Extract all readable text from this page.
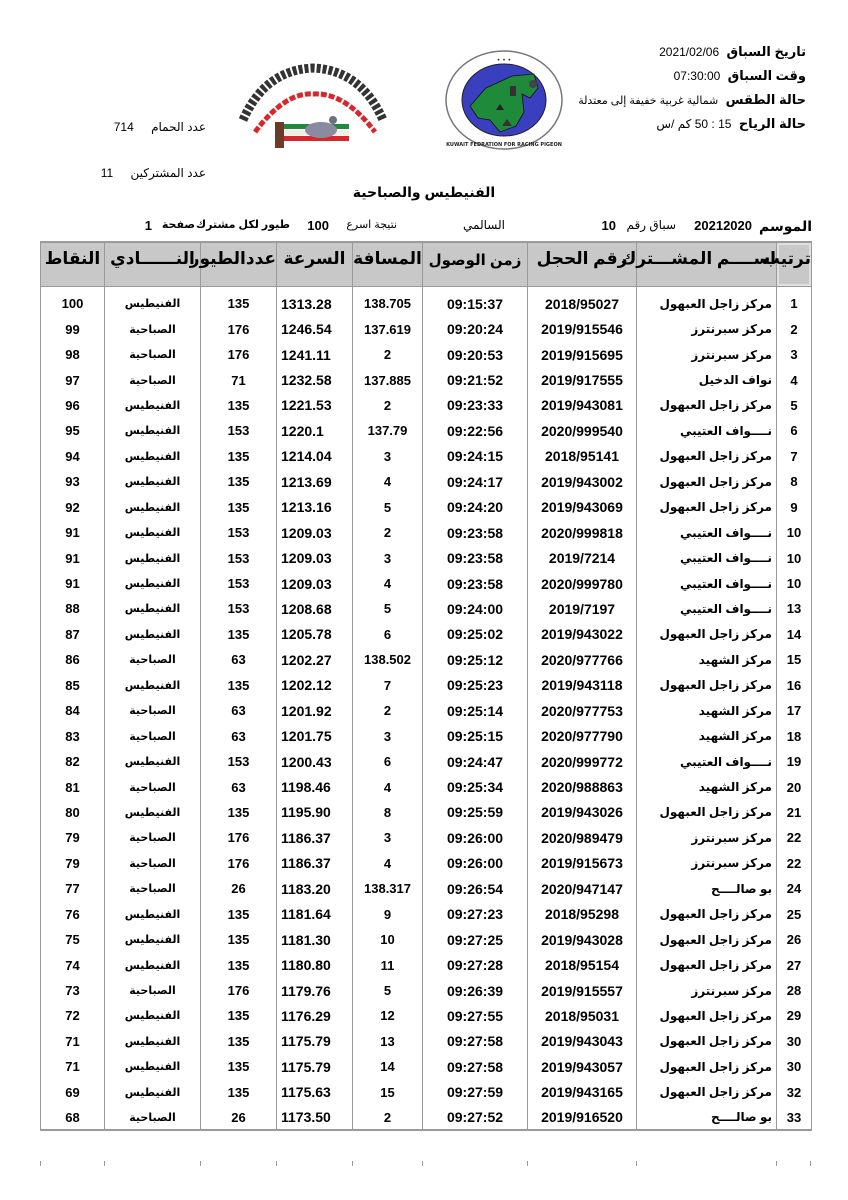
تاريخ السباق 2021/02/06
وقت السباق 07:30:00
حالة الطقس شمالية غربية خفيفة إلى معتدلة
حالة الرياح 15 : 50 كم /س
عدد الحمام 714
عدد المشتركين 11
• • •
KUWAIT FEDRATION FOR RACING PIGEON
الفنيطيس والصباحية
الموسم
20212020
سباق رقم
10
السالمي
نتيجة اسرع
100
طيور لكل مشترك
صفحة
1
ترتيب	اســــم المشـــترك	رقم الحجل	زمن الوصول	المسافة	السرعة	عددالطيور	النــــــادي	النقاط

1	مركز زاجل العبهول	2018/95027	09:15:37	138.705	1313.28	135	الفنيطيس	100
2	مركز سبرنترز	2019/915546	09:20:24	137.619	1246.54	176	الصباحية	99
3	مركز سبرنترز	2019/915695	09:20:53	2	1241.11	176	الصباحية	98
4	نواف الدخيل	2019/917555	09:21:52	137.885	1232.58	71	الصباحية	97
5	مركز زاجل العبهول	2019/943081	09:23:33	2	1221.53	135	الفنيطيس	96
6	نــــواف العتيبي	2020/999540	09:22:56	137.79	1220.1	153	الفنيطيس	95
7	مركز زاجل العبهول	2018/95141	09:24:15	3	1214.04	135	الفنيطيس	94
8	مركز زاجل العبهول	2019/943002	09:24:17	4	1213.69	135	الفنيطيس	93
9	مركز زاجل العبهول	2019/943069	09:24:20	5	1213.16	135	الفنيطيس	92
10	نــــواف العتيبي	2020/999818	09:23:58	2	1209.03	153	الفنيطيس	91
10	نــــواف العتيبي	2019/7214	09:23:58	3	1209.03	153	الفنيطيس	91
10	نــــواف العتيبي	2020/999780	09:23:58	4	1209.03	153	الفنيطيس	91
13	نــــواف العتيبي	2019/7197	09:24:00	5	1208.68	153	الفنيطيس	88
14	مركز زاجل العبهول	2019/943022	09:25:02	6	1205.78	135	الفنيطيس	87
15	مركز الشهيد	2020/977766	09:25:12	138.502	1202.27	63	الصباحية	86
16	مركز زاجل العبهول	2019/943118	09:25:23	7	1202.12	135	الفنيطيس	85
17	مركز الشهيد	2020/977753	09:25:14	2	1201.92	63	الصباحية	84
18	مركز الشهيد	2020/977790	09:25:15	3	1201.75	63	الصباحية	83
19	نــــواف العتيبي	2020/999772	09:24:47	6	1200.43	153	الفنيطيس	82
20	مركز الشهيد	2020/988863	09:25:34	4	1198.46	63	الصباحية	81
21	مركز زاجل العبهول	2019/943026	09:25:59	8	1195.90	135	الفنيطيس	80
22	مركز سبرنترز	2020/989479	09:26:00	3	1186.37	176	الصباحية	79
22	مركز سبرنترز	2019/915673	09:26:00	4	1186.37	176	الصباحية	79
24	بو صالــــح	2020/947147	09:26:54	138.317	1183.20	26	الصباحية	77
25	مركز زاجل العبهول	2018/95298	09:27:23	9	1181.64	135	الفنيطيس	76
26	مركز زاجل العبهول	2019/943028	09:27:25	10	1181.30	135	الفنيطيس	75
27	مركز زاجل العبهول	2018/95154	09:27:28	11	1180.80	135	الفنيطيس	74
28	مركز سبرنترز	2019/915557	09:26:39	5	1179.76	176	الصباحية	73
29	مركز زاجل العبهول	2018/95031	09:27:55	12	1176.29	135	الفنيطيس	72
30	مركز زاجل العبهول	2019/943043	09:27:58	13	1175.79	135	الفنيطيس	71
30	مركز زاجل العبهول	2019/943057	09:27:58	14	1175.79	135	الفنيطيس	71
32	مركز زاجل العبهول	2019/943165	09:27:59	15	1175.63	135	الفنيطيس	69
33	بو صالــــح	2019/916520	09:27:52	2	1173.50	26	الصباحية	68
